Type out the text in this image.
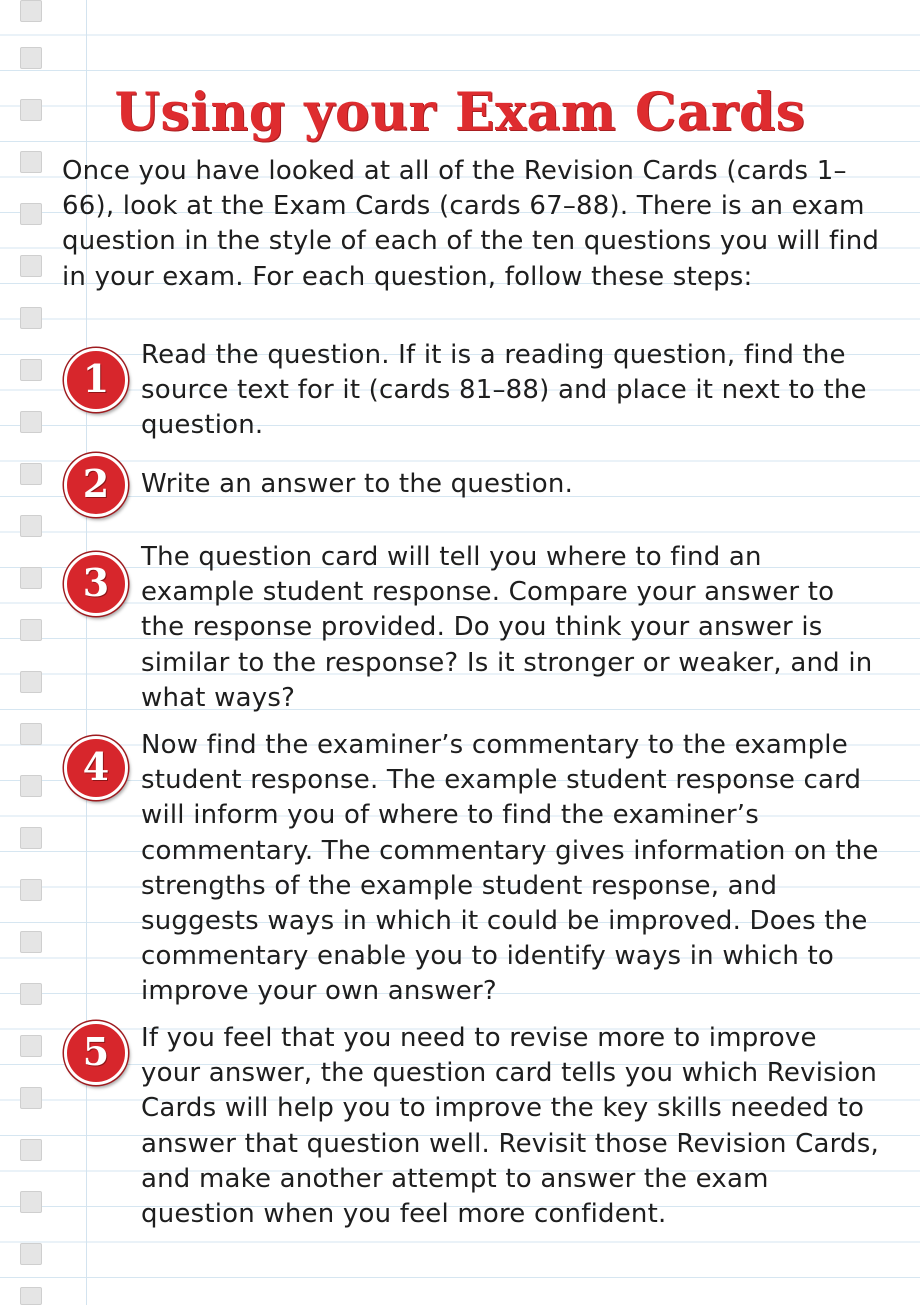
Using your Exam Cards

Once you have looked at all of the Revision Cards (cards 1–66), look at the Exam Cards (cards 67–88). There is an exam question in the style of each of the ten questions you will find in your exam. For each question, follow these steps:

1

Read the question. If it is a reading question, find the source text for it (cards 81–88) and place it next to the question.

2	Write an answer to the question.

3

The question card will tell you where to find an example student response. Compare your answer to the response provided. Do you think your answer is similar to the response? Is it stronger or weaker, and in what ways?

4	Now find the examiner’s commentary to the example student response. The example student response card will inform you of where to find the examiner’s commentary. The commentary gives information on the strengths of the example student response, and suggests ways in which it could be improved. Does the commentary enable you to identify ways in which to improve your own answer?

5	If you feel that you need to revise more to improve your answer, the question card tells you which Revision Cards will help you to improve the key skills needed to answer that question well. Revisit those Revision Cards, and make another attempt to answer the exam question when you feel more confident.
